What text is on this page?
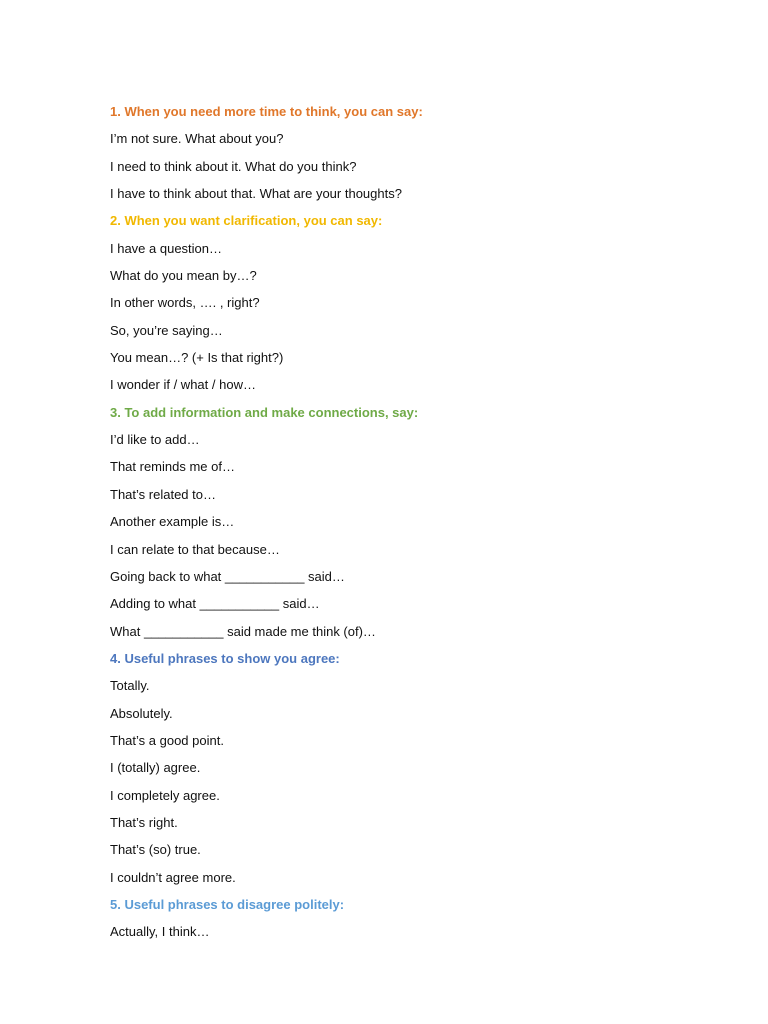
1. When you need more time to think, you can say:
I’m not sure. What about you?
I need to think about it. What do you think?
I have to think about that. What are your thoughts?
2. When you want clarification, you can say:
I have a question…
What do you mean by…?
In other words, …. , right?
So, you’re saying…
You mean…? (+ Is that right?)
I wonder if / what / how…
3. To add information and make connections, say:
I’d like to add…
That reminds me of…
That’s related to…
Another example is…
I can relate to that because…
Going back to what ___________ said…
Adding to what ___________ said…
What ___________ said made me think (of)…
4. Useful phrases to show you agree:
Totally.
Absolutely.
That’s a good point.
I (totally) agree.
I completely agree.
That’s right.
That’s (so) true.
I couldn’t agree more.
5. Useful phrases to disagree politely:
Actually, I think…
